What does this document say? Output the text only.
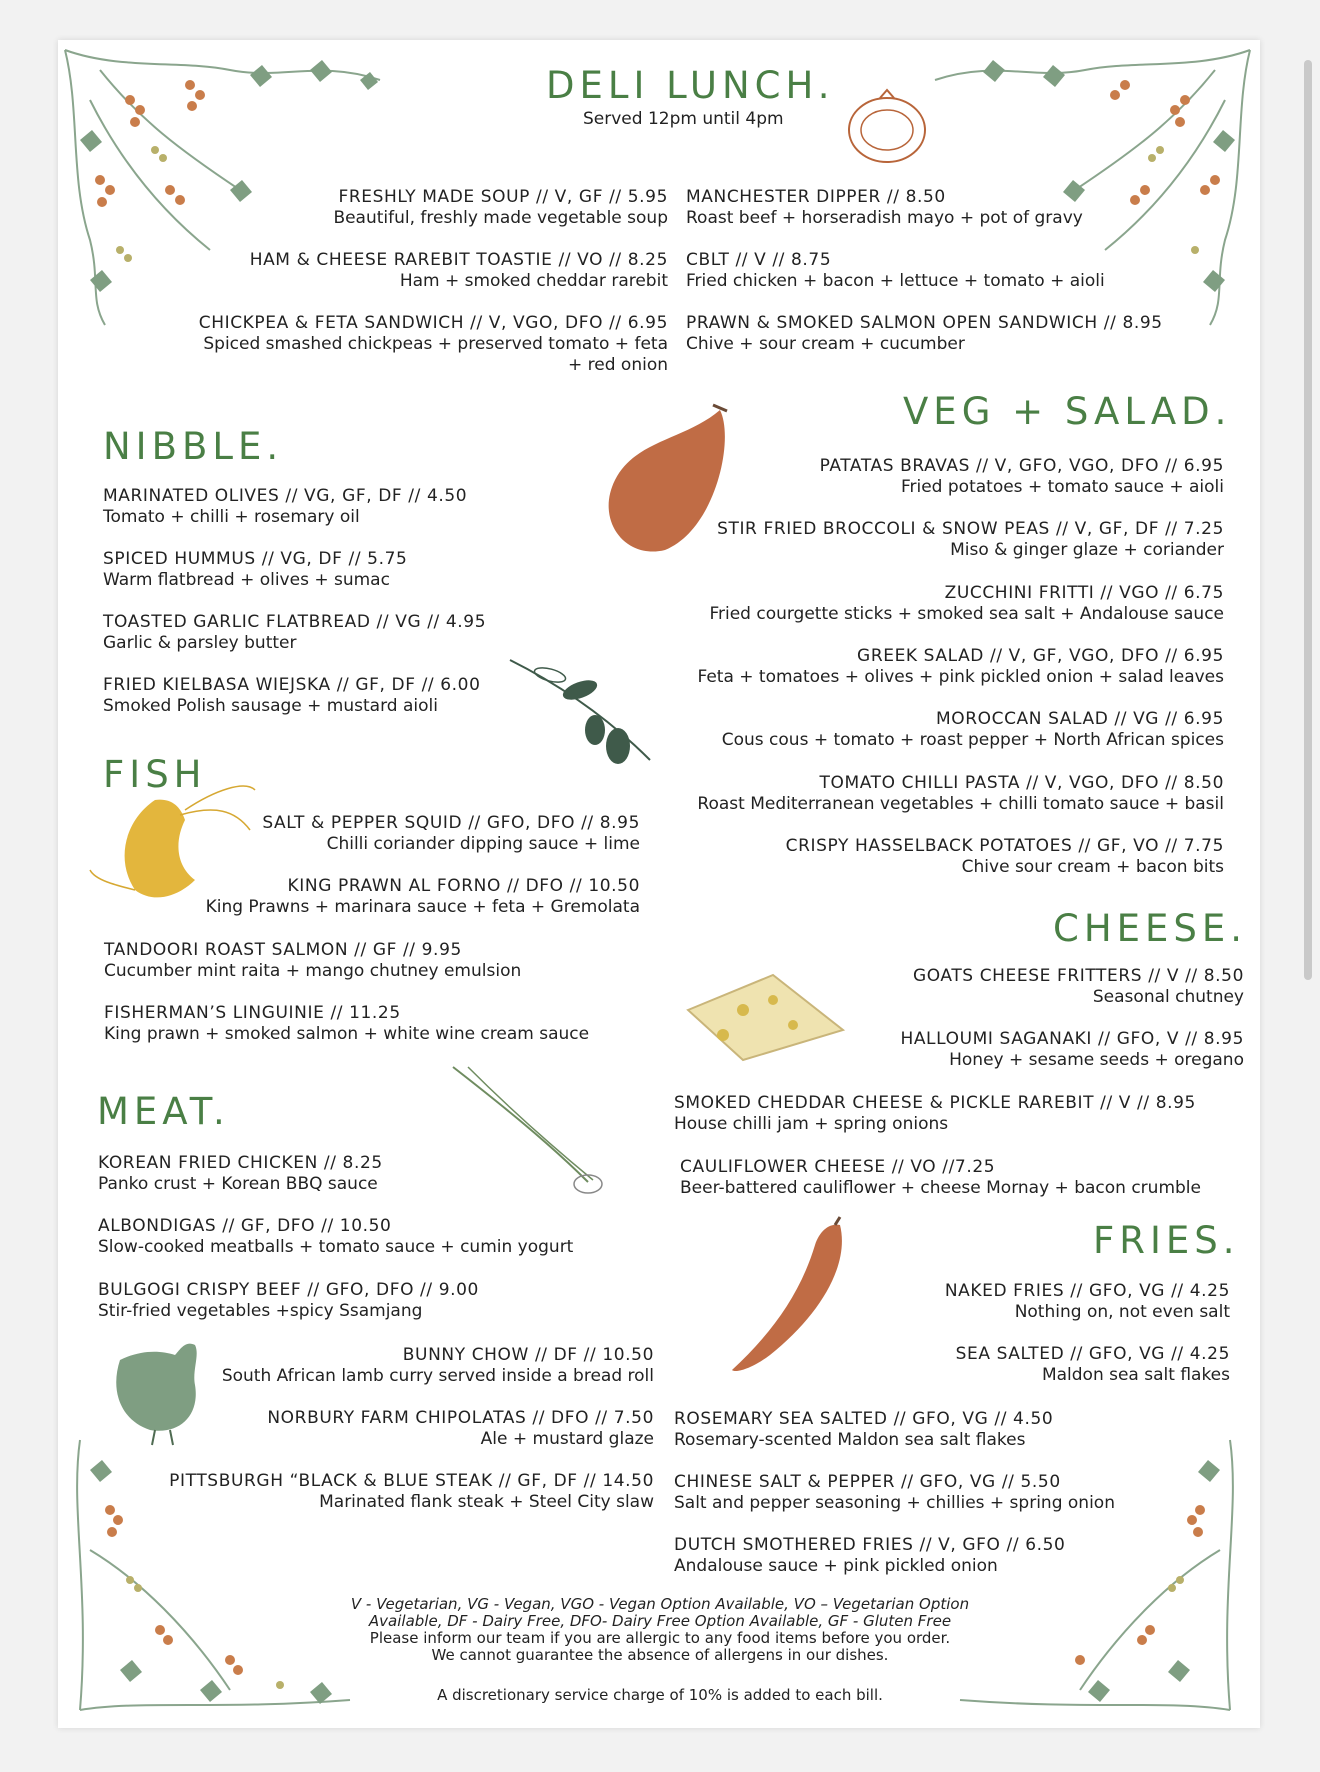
DELI LUNCH.
Served 12pm until 4pm
NIBBLE.
FISH
MEAT.
VEG + SALAD.
CHEESE.
FRIES.
FRESHLY MADE SOUP // V, GF // 5.95
Beautiful, freshly made vegetable soup
MANCHESTER DIPPER // 8.50
Roast beef + horseradish mayo + pot of gravy
HAM & CHEESE RAREBIT TOASTIE // VO // 8.25
Ham + smoked cheddar rarebit
CBLT // V // 8.75
Fried chicken + bacon + lettuce + tomato + aioli
CHICKPEA & FETA SANDWICH // V, VGO, DFO // 6.95
Spiced smashed chickpeas + preserved tomato + feta
+ red onion
PRAWN & SMOKED SALMON OPEN SANDWICH // 8.95
Chive + sour cream + cucumber
MARINATED OLIVES // VG, GF, DF // 4.50
Tomato + chilli + rosemary oil
SPICED HUMMUS // VG, DF // 5.75
Warm flatbread + olives + sumac
TOASTED GARLIC FLATBREAD // VG // 4.95
Garlic & parsley butter
FRIED KIELBASA WIEJSKA // GF, DF // 6.00
Smoked Polish sausage + mustard aioli
SALT & PEPPER SQUID // GFO, DFO // 8.95
Chilli coriander dipping sauce + lime
KING PRAWN AL FORNO // DFO // 10.50
King Prawns + marinara sauce + feta + Gremolata
TANDOORI ROAST SALMON // GF // 9.95
Cucumber mint raita + mango chutney emulsion
FISHERMAN’S LINGUINIE // 11.25
King prawn + smoked salmon + white wine cream sauce
KOREAN FRIED CHICKEN // 8.25
Panko crust + Korean BBQ sauce
ALBONDIGAS // GF, DFO // 10.50
Slow-cooked meatballs + tomato sauce + cumin yogurt
BULGOGI CRISPY BEEF // GFO, DFO // 9.00
Stir-fried vegetables +spicy Ssamjang
BUNNY CHOW // DF // 10.50
South African lamb curry served inside a bread roll
NORBURY FARM CHIPOLATAS // DFO // 7.50
Ale + mustard glaze
PITTSBURGH “BLACK & BLUE STEAK // GF, DF // 14.50
Marinated flank steak + Steel City slaw
PATATAS BRAVAS // V, GFO, VGO, DFO // 6.95
Fried potatoes + tomato sauce + aioli
STIR FRIED BROCCOLI & SNOW PEAS // V, GF, DF // 7.25
Miso & ginger glaze + coriander
ZUCCHINI FRITTI // VGO // 6.75
Fried courgette sticks + smoked sea salt + Andalouse sauce
GREEK SALAD // V, GF, VGO, DFO // 6.95
Feta + tomatoes + olives + pink pickled onion + salad leaves
MOROCCAN SALAD // VG // 6.95
Cous cous + tomato + roast pepper + North African spices
TOMATO CHILLI PASTA // V, VGO, DFO // 8.50
Roast Mediterranean vegetables + chilli tomato sauce + basil
CRISPY HASSELBACK POTATOES // GF, VO // 7.75
Chive sour cream + bacon bits
GOATS CHEESE FRITTERS // V // 8.50
Seasonal chutney
HALLOUMI SAGANAKI // GFO, V // 8.95
Honey + sesame seeds + oregano
SMOKED CHEDDAR CHEESE & PICKLE RAREBIT // V // 8.95
House chilli jam + spring onions
CAULIFLOWER CHEESE // VO //7.25
Beer-battered cauliflower + cheese Mornay + bacon crumble
NAKED FRIES // GFO, VG // 4.25
Nothing on, not even salt
SEA SALTED // GFO, VG // 4.25
Maldon sea salt flakes
ROSEMARY SEA SALTED // GFO, VG // 4.50
Rosemary-scented Maldon sea salt flakes
CHINESE SALT & PEPPER // GFO, VG // 5.50
Salt and pepper seasoning + chillies + spring onion
DUTCH SMOTHERED FRIES // V, GFO // 6.50
Andalouse sauce + pink pickled onion
V - Vegetarian, VG - Vegan, VGO - Vegan Option Available, VO – Vegetarian Option
Available, DF - Dairy Free, DFO- Dairy Free Option Available, GF - Gluten Free
Please inform our team if you are allergic to any food items before you order.
We cannot guarantee the absence of allergens in our dishes.
A discretionary service charge of 10% is added to each bill.
